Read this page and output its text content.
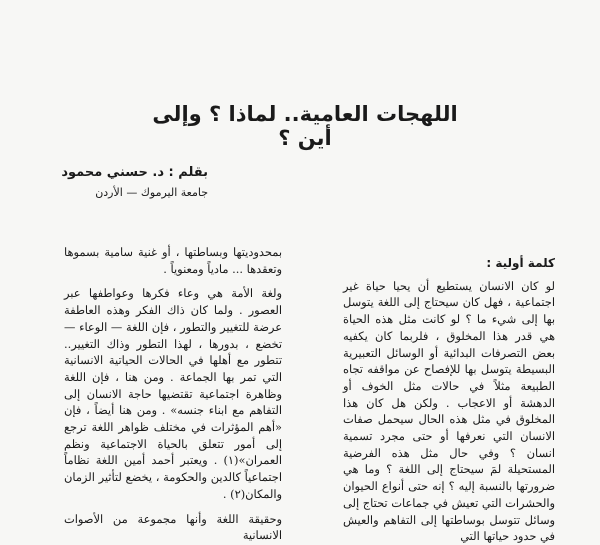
اللهجات العامية.. لماذا ؟ وإلى أين ؟
بقلم : د. حسني محمود
جامعة اليرموك — الأردن
كلمة أولية :

لو كان الانسان يستطيع أن يحيا حياة غير اجتماعية ، فهل كان سيحتاج إلى اللغة يتوسل بها إلى شيء ما ؟ لو كانت مثل هذه الحياة هي قدر هذا المخلوق ، فلربما كان يكفيه بعض التصرفات البدائية أو الوسائل التعبيرية البسيطة يتوسل بها للإفصاح عن مواقفه تجاه الطبيعة مثلاً في حالات مثل الخوف أو الدهشة أو الاعجاب . ولكن هل كان هذا المخلوق في مثل هذه الحال سيحمل صفات الانسان التي نعرفها أو حتى مجرد تسمية انسان ؟ وفي حال مثل هذه الفرضية المستحيلة لمَ سيحتاج إلى اللغة ؟ وما هي ضرورتها بالنسبة إليه ؟ إنه حتى أنواع الحيوان والحشرات التي تعيش في جماعات تحتاج إلى وسائل تتوسل بوساطتها إلى التفاهم والعيش في حدود حياتها التي

بمحدوديتها وبساطتها ، أو غنية سامية بسموها وتعقدها ... مادياً ومعنوياً .

ولغة الأمة هي وعاء فكرها وعواطفها عبر العصور . ولما كان ذاك الفكر وهذه العاطفة عرضة للتغيير والتطور ، فإن اللغة — الوعاء — تخضع ، بدورها ، لهذا التطور وذاك التغيير.. تتطور مع أهلها في الحالات الحياتية الانسانية التي تمر بها الجماعة . ومن هنا ، فإن اللغة وظاهرة اجتماعية تقتضيها حاجة الانسان إلى التفاهم مع ابناء جنسه» . ومن هنا أيضاً ، فإن «أهم المؤثرات في مختلف ظواهر اللغة ترجع إلى أمور تتعلق بالحياة الاجتماعية ونظم العمران»(١) . ويعتبر أحمد أمين اللغة نظاماً اجتماعياً كالدين والحكومة ، يخضع لتأثير الزمان والمكان(٢) .

وحقيقة اللغة وأنها مجموعة من الأصوات الانسانية
